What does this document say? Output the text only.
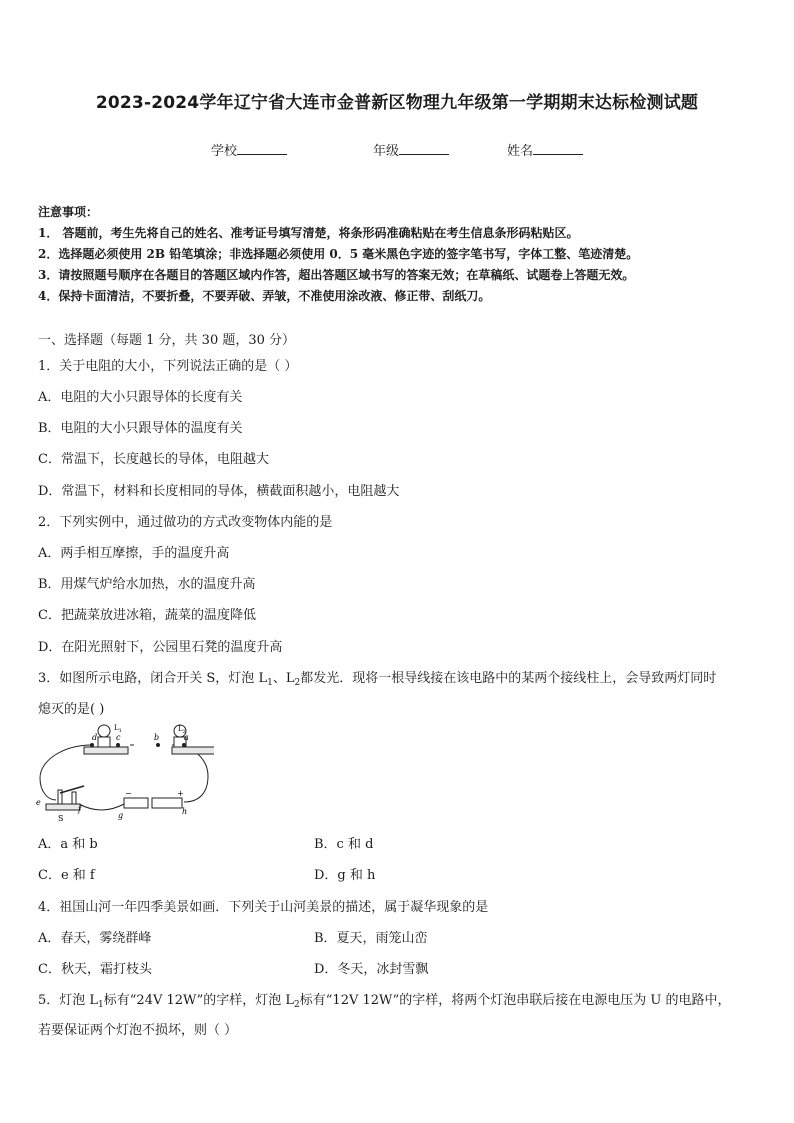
2023-2024学年辽宁省大连市金普新区物理九年级第一学期期末达标检测试题
学校	年级	姓名
注意事项：
1． 答题前，考生先将自己的姓名、准考证号填写清楚，将条形码准确粘贴在考生信息条形码粘贴区。
2．选择题必须使用 2B 铅笔填涂；非选择题必须使用 0．5 毫米黑色字迹的签字笔书写，字体工整、笔迹清楚。
3．请按照题号顺序在各题目的答题区域内作答，超出答题区域书写的答案无效；在草稿纸、试题卷上答题无效。
4．保持卡面清洁，不要折叠，不要弄破、弄皱，不准使用涂改液、修正带、刮纸刀。
一、选择题（每题 1 分，共 30 题，30 分）
1．关于电阻的大小，下列说法正确的是（ ）
A．电阻的大小只跟导体的长度有关
B．电阻的大小只跟导体的温度有关
C．常温下，长度越长的导体，电阻越大
D．常温下，材料和长度相同的导体，横截面积越小，电阻越大
2．下列实例中，通过做功的方式改变物体内能的是
A．两手相互摩擦，手的温度升高
B．用煤气炉给水加热，水的温度升高
C．把蔬菜放进冰箱，蔬菜的温度降低
D．在阳光照射下，公园里石凳的温度升高
3．如图所示电路，闭合开关 S，灯泡 $L_1$、$L_2$都发光．现将一根导线接在该电路中的某两个接线柱上，会导致两灯同时
熄灭的是( )
d c	b	a
$L_1$	$L_2$
e
f
g	h
S
−	+
A．a 和 b	B．c 和 d
C．e 和 f	D．g 和 h
4．祖国山河一年四季美景如画．下列关于山河美景的描述，属于凝华现象的是
A．春天，雾绕群峰	B．夏天，雨笼山峦
C．秋天，霜打枝头	D．冬天，冰封雪飘
5．灯泡 $L_1$标有“24V 12W”的字样，灯泡 $L_2$标有“12V 12W”的字样，将两个灯泡串联后接在电源电压为 U 的电路中，
若要保证两个灯泡不损坏，则（ ）
